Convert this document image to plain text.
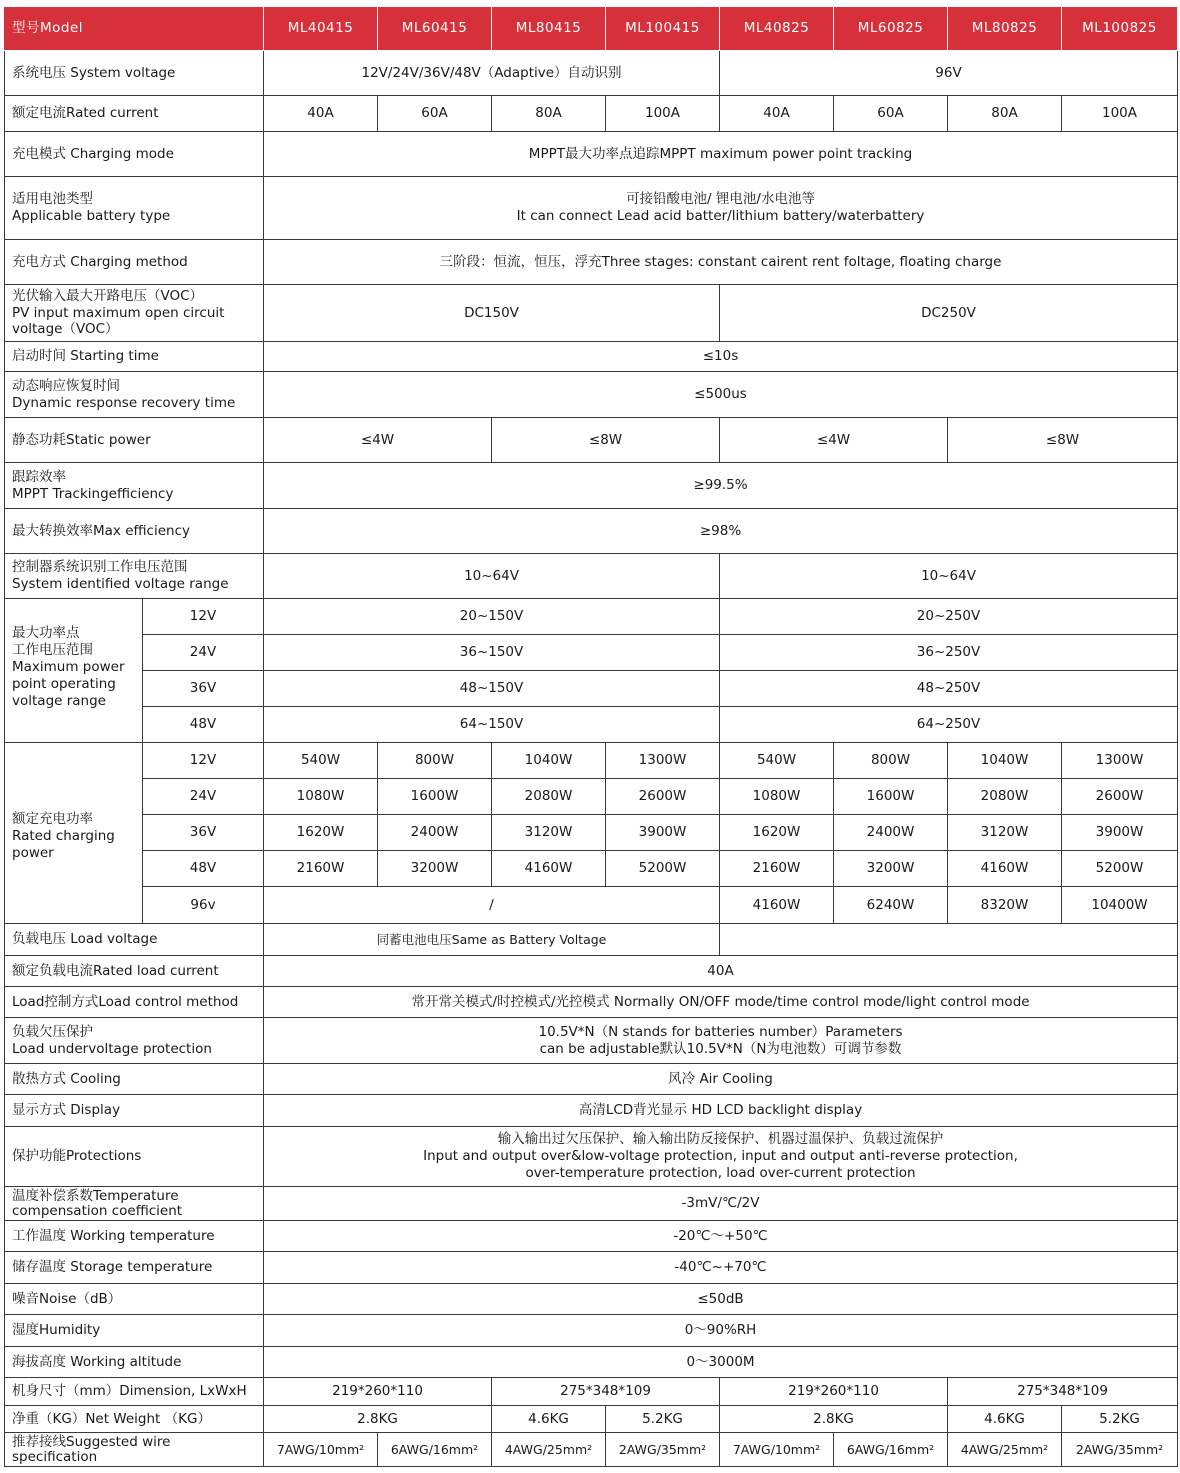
型号Model		ML40415	ML60415	ML80415	ML100415	ML40825	ML60825	ML80825	ML100825
系统电压 System voltage		12V/24V/36V/48V（Adaptive）自动识别				96V			
额定电流Rated current		40A	60A	80A	100A	40A	60A	80A	100A
充电模式 Charging mode		MPPT最大功率点追踪MPPT maximum power point tracking							

适用电池类型
Applicable battery type		可接铅酸电池/ 锂电池/水电池等
It can connect Lead acid batter/lithium battery/waterbattery							

充电方式 Charging method		三阶段：恒流，恒压，浮充Three stages: constant cairent rent foltage, floating charge							

光伏输入最大开路电压（VOC）
PV input maximum open circuit
voltage（VOC）		DC150V				DC250V			
启动时间 Starting time		≤10s							

动态响应恢复时间
Dynamic response recovery time		≤500us							
静态功耗Static power		≤4W		≤8W		≤4W		≤8W	

跟踪效率
MPPT Trackingefficiency		≥99.5%							
最大转换效率Max efficiency		≥98%							

控制器系统识别工作电压范围
System identified voltage range		10~64V				10~64V			

最大功率点
工作电压范围
Maximum power
point operating
voltage range	12V	20~150V				20~250V			
	24V	36~150V				36~250V			
	36V	48~150V				48~250V			
	48V	64~150V				64~250V			

额定充电功率
Rated charging
power	12V	540W	800W	1040W	1300W	540W	800W	1040W	1300W
	24V	1080W	1600W	2080W	2600W	1080W	1600W	2080W	2600W
	36V	1620W	2400W	3120W	3900W	1620W	2400W	3120W	3900W
	48V	2160W	3200W	4160W	5200W	2160W	3200W	4160W	5200W
	96v	/				4160W	6240W	8320W	10400W
负载电压 Load voltage		同蓄电池电压Same as Battery Voltage							
额定负载电流Rated load current		40A							
Load控制方式Load control method		常开常关模式/时控模式/光控模式 Normally ON/OFF mode/time control mode/light control mode							

负载欠压保护
Load undervoltage protection		10.5V*N（N stands for batteries number）Parameters
can be adjustable默认10.5V*N（N为电池数）可调节参数							

散热方式 Cooling		风冷 Air Cooling							
显示方式 Display		高清LCD背光显示 HD LCD backlight display							
保护功能Protections		输入输出过欠压保护、输入输出防反接保护、机器过温保护、负载过流保护
Input and output over&low-voltage protection, input and output anti-reverse protection,
over-temperature protection, load over-current protection							

温度补偿系数Temperature
compensation coefficient		-3mV/℃/2V							
工作温度 Working temperature		-20℃～+50℃							
储存温度 Storage temperature		-40℃~+70℃							
噪音Noise（dB）		≤50dB							
湿度Humidity		0～90%RH							
海拔高度 Working altitude		0～3000M							
机身尺寸（mm）Dimension, LxWxH		219*260*110		275*348*109		219*260*110		275*348*109	
净重（KG）Net Weight （KG）		2.8KG		4.6KG	5.2KG	2.8KG		4.6KG	5.2KG

推荐接线Suggested wire
specification		7AWG/10mm²	6AWG/16mm²	4AWG/25mm²	2AWG/35mm²	7AWG/10mm²	6AWG/16mm²	4AWG/25mm²	2AWG/35mm²
